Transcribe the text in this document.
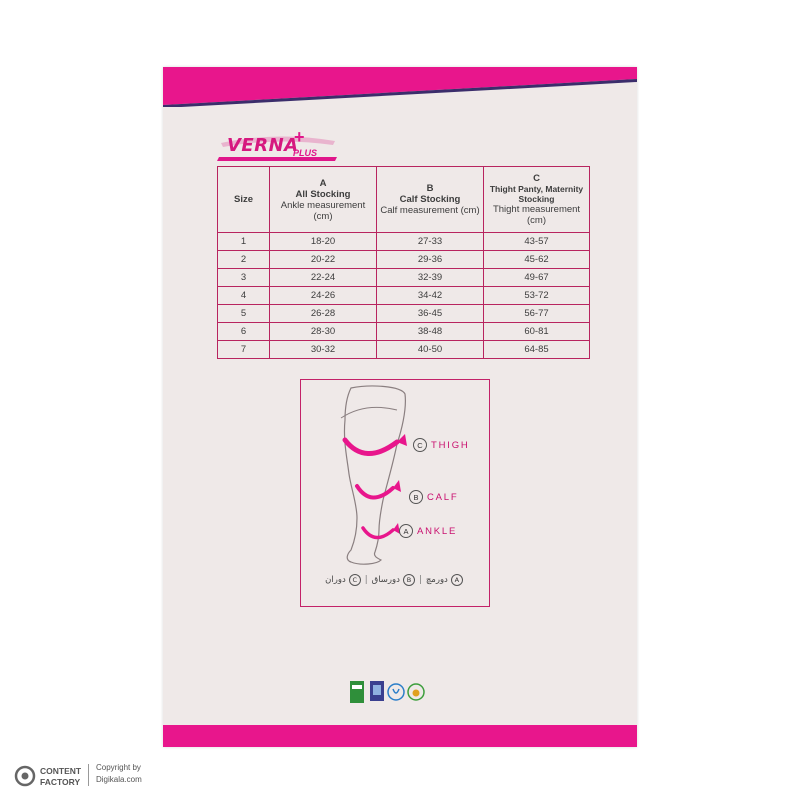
VERNA
+
PLUS
Size	A
All Stocking
Ankle measurement (cm)	B
Calf Stocking
Calf measurement (cm)	C
Thight Panty, Maternity Stocking
Thight measurement (cm)
1	18-20	27-33	43-57
2	20-22	29-36	45-62
3	22-24	32-39	49-67
4	24-26	34-42	53-72
5	26-28	36-45	56-77
6	28-30	38-48	60-81
7	30-32	40-50	64-85
C THIGH
B CALF
A ANKLE
Aدورمچ|Bدورساق|Cدوران
CONTENT
FACTORY
Copyright by
Digikala.com
